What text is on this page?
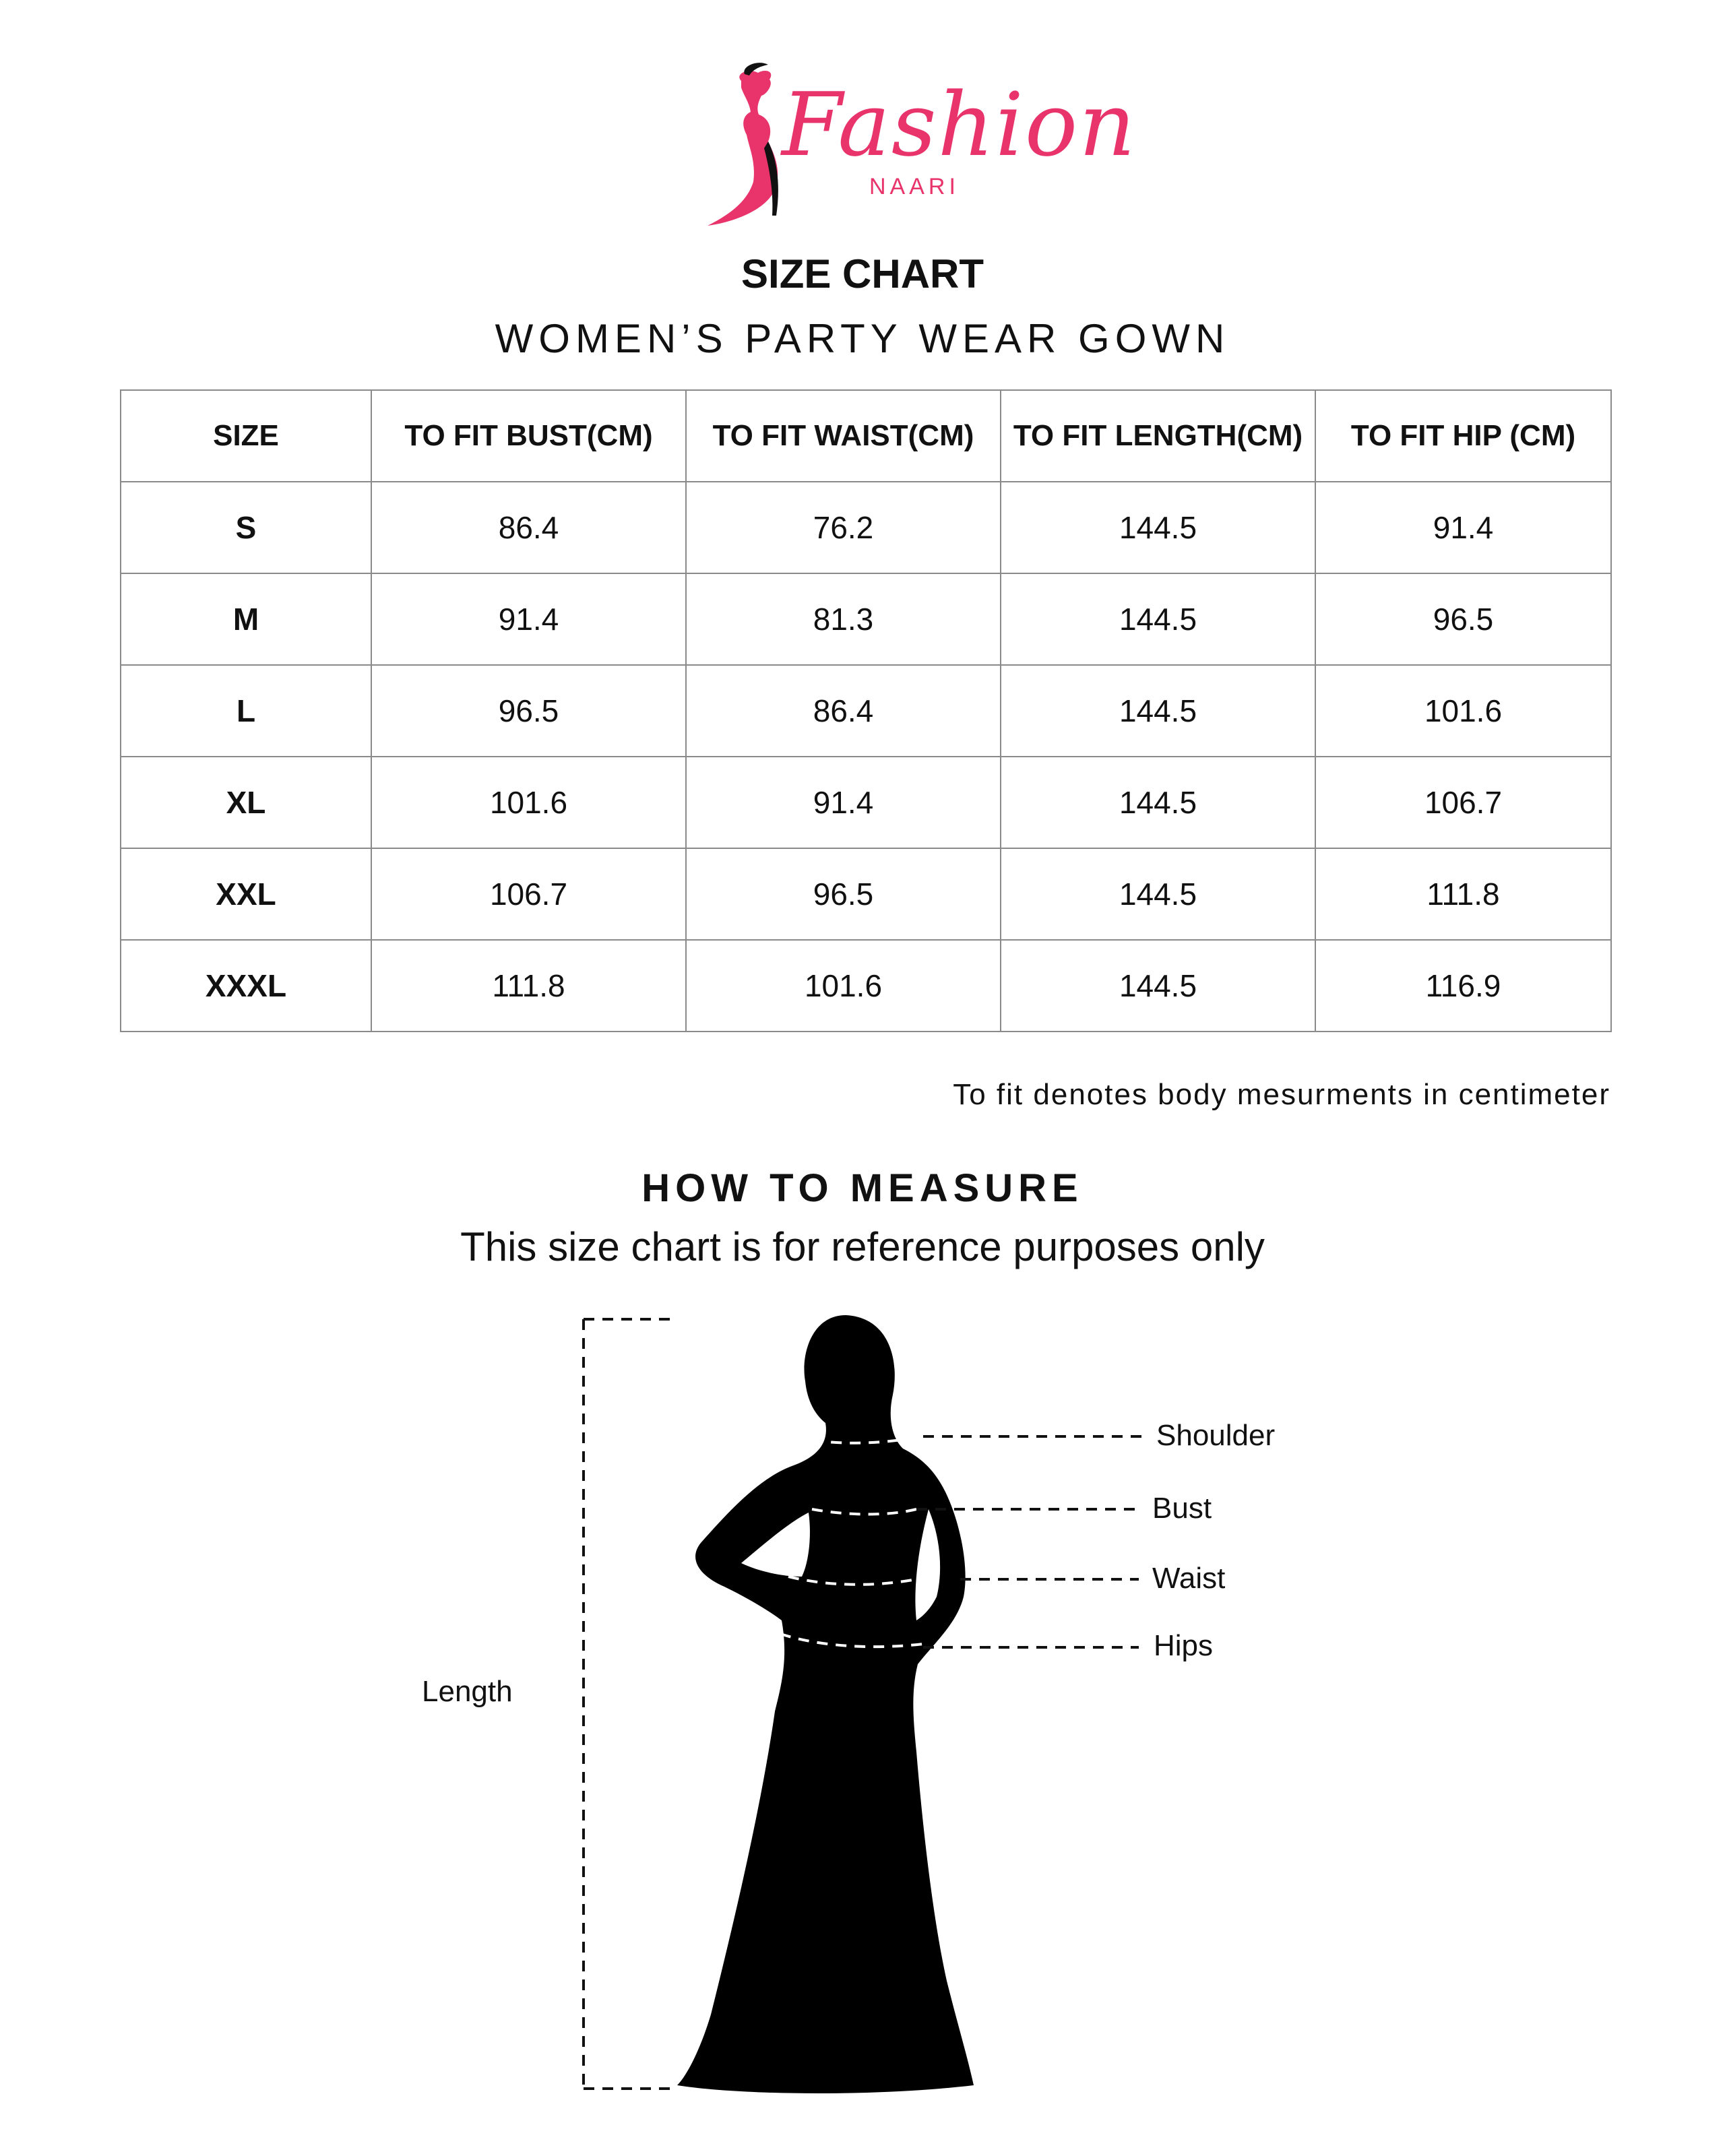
Fashion
NAARI
SIZE CHART
WOMEN’S PARTY WEAR GOWN
SIZE	TO FIT BUST(CM)	TO FIT WAIST(CM)	TO FIT LENGTH(CM)	TO FIT HIP (CM)
S	86.4	76.2	144.5	91.4
M	91.4	81.3	144.5	96.5
L	96.5	86.4	144.5	101.6
XL	101.6	91.4	144.5	106.7
XXL	106.7	96.5	144.5	111.8
XXXL	111.8	101.6	144.5	116.9
To fit denotes body mesurments in centimeter
HOW TO MEASURE
This size chart is for reference purposes only
Shoulder
Bust
Waist
Hips
Length
